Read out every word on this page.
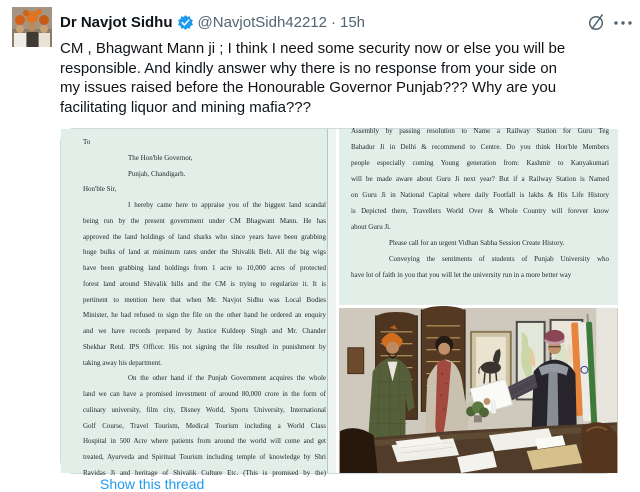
Dr Navjot Sidhu @NavjotSidh42212 · 15h
CM , Bhagwant Mann ji ; I think I need some security now or else you will be
responsible. And kindly answer why there is no response from your side on
my issues raised before the Honourable Governor Punjab??? Why are you
facilitating liquor and mining mafia???
To
The Hon'ble Governor,
Punjab, Chandigarh.
Hon'ble Sir,
I hereby came here to appraise you of the biggest land scandal
being run by the present government under CM Bhagwant Mann. He has
approved the land holdings of land sharks who since years have been grabbing
huge bulks of land at minimum rates under the Shivalik Belt. All the big wigs
have been grabbing land holdings from 1 acre to 10,000 acres of protected
forest land around Shivalik hills and the CM is trying to regularize it. It is
pertinent to mention here that when Mr. Navjot Sidhu was Local Bodies
Minister, he had refused to sign the file on the other hand he ordered an enquiry
and we have records prepared by Justice Kuldeep Singh and Mr. Chander
Shekhar Retd. IPS Officer. His not signing the file resulted in punishment by
taking away his department.
On the other hand if the Punjab Government acquires the whole
land we can have a promised investment of around 80,000 crore in the form of
culinary university, film city, Disney World, Sports University, International
Golf Course, Travel Tourism, Medical Tourism including a World Class
Hospital in 500 Acre where patients from around the world will come and get
treated, Ayurveda and Spiritual Tourism including temple of knowledge by Shri
Ravidas Ji and heritage of Shivalik Culture Etc. (This is promised by the)
Assembly by passing resolution to Name a Railway Station for Guru Teg
Bahadur Ji in Delhi & recommend to Centre. Do you think Hon'ble Members
people especially coming Young generation from: Kashmir to Kanyakumari
will be made aware about Guru Ji next year? But if a Railway Station is Named
on Guru Ji in National Capital where daily Footfall is lakhs & His Life History
is Depicted there, Travellers World Over & Whole Country will forever know
about Guru Ji.
Please call for an urgent Vidhan Sabha Session Create History.
Conveying the sentiments of students of Punjab University who
have lot of faith in you that you will let the university run in a more better way
Show this thread
